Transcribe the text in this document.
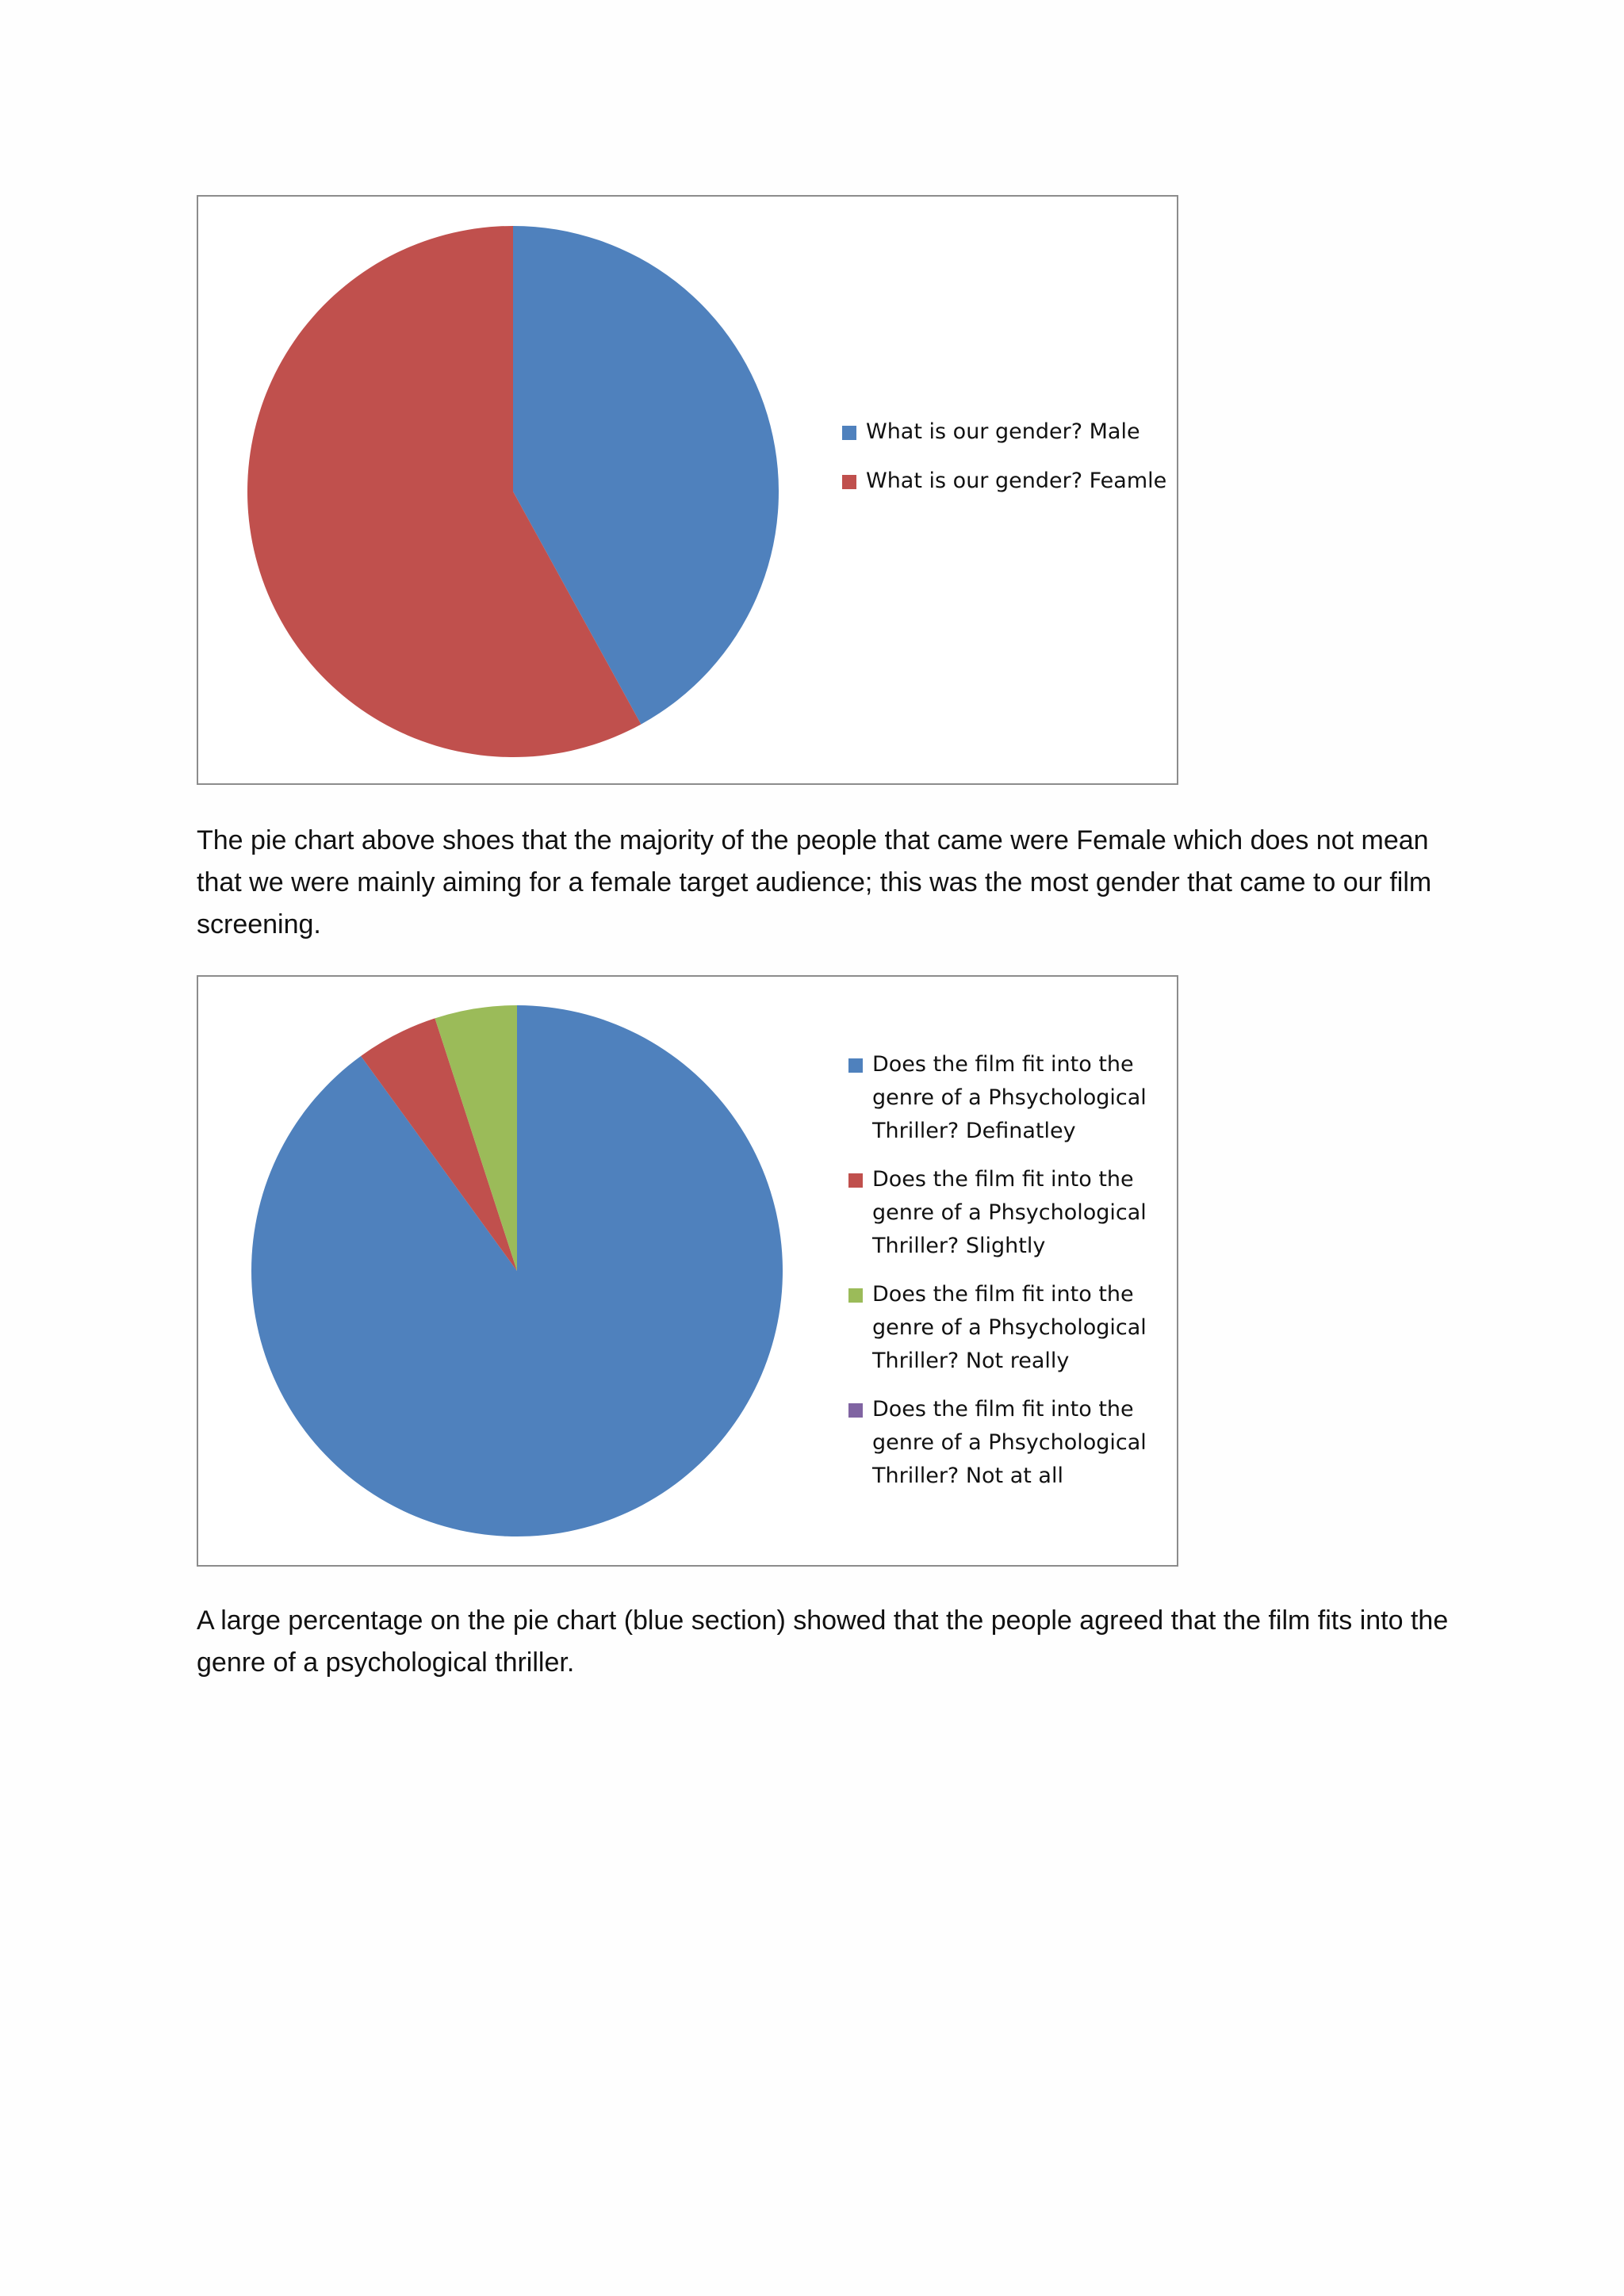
What is our gender? Male
What is our gender? Feamle

The pie chart above shoes that the majority of the people that came were Female which does not mean that we were mainly aiming for a female target audience; this was the most gender that came to our film screening.

Does the film fit into the genre of a Phsychological Thriller? Definatley
Does the film fit into the genre of a Phsychological Thriller? Slightly
Does the film fit into the genre of a Phsychological Thriller? Not really
Does the film fit into the genre of a Phsychological Thriller? Not at all

A large percentage on the pie chart (blue section) showed that the people agreed that the film fits into the genre of a psychological thriller.
